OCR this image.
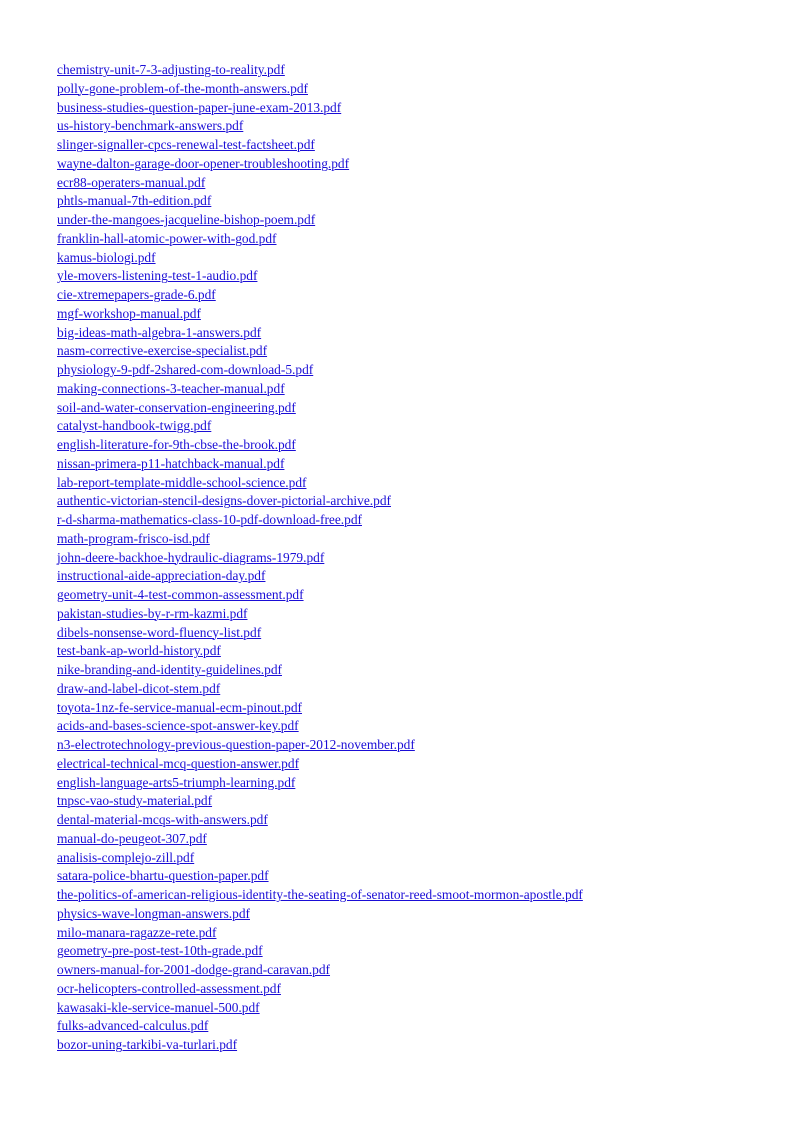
chemistry-unit-7-3-adjusting-to-reality.pdf
polly-gone-problem-of-the-month-answers.pdf
business-studies-question-paper-june-exam-2013.pdf
us-history-benchmark-answers.pdf
slinger-signaller-cpcs-renewal-test-factsheet.pdf
wayne-dalton-garage-door-opener-troubleshooting.pdf
ecr88-operaters-manual.pdf
phtls-manual-7th-edition.pdf
under-the-mangoes-jacqueline-bishop-poem.pdf
franklin-hall-atomic-power-with-god.pdf
kamus-biologi.pdf
yle-movers-listening-test-1-audio.pdf
cie-xtremepapers-grade-6.pdf
mgf-workshop-manual.pdf
big-ideas-math-algebra-1-answers.pdf
nasm-corrective-exercise-specialist.pdf
physiology-9-pdf-2shared-com-download-5.pdf
making-connections-3-teacher-manual.pdf
soil-and-water-conservation-engineering.pdf
catalyst-handbook-twigg.pdf
english-literature-for-9th-cbse-the-brook.pdf
nissan-primera-p11-hatchback-manual.pdf
lab-report-template-middle-school-science.pdf
authentic-victorian-stencil-designs-dover-pictorial-archive.pdf
r-d-sharma-mathematics-class-10-pdf-download-free.pdf
math-program-frisco-isd.pdf
john-deere-backhoe-hydraulic-diagrams-1979.pdf
instructional-aide-appreciation-day.pdf
geometry-unit-4-test-common-assessment.pdf
pakistan-studies-by-r-rm-kazmi.pdf
dibels-nonsense-word-fluency-list.pdf
test-bank-ap-world-history.pdf
nike-branding-and-identity-guidelines.pdf
draw-and-label-dicot-stem.pdf
toyota-1nz-fe-service-manual-ecm-pinout.pdf
acids-and-bases-science-spot-answer-key.pdf
n3-electrotechnology-previous-question-paper-2012-november.pdf
electrical-technical-mcq-question-answer.pdf
english-language-arts5-triumph-learning.pdf
tnpsc-vao-study-material.pdf
dental-material-mcqs-with-answers.pdf
manual-do-peugeot-307.pdf
analisis-complejo-zill.pdf
satara-police-bhartu-question-paper.pdf
the-politics-of-american-religious-identity-the-seating-of-senator-reed-smoot-mormon-apostle.pdf
physics-wave-longman-answers.pdf
milo-manara-ragazze-rete.pdf
geometry-pre-post-test-10th-grade.pdf
owners-manual-for-2001-dodge-grand-caravan.pdf
ocr-helicopters-controlled-assessment.pdf
kawasaki-kle-service-manuel-500.pdf
fulks-advanced-calculus.pdf
bozor-uning-tarkibi-va-turlari.pdf
